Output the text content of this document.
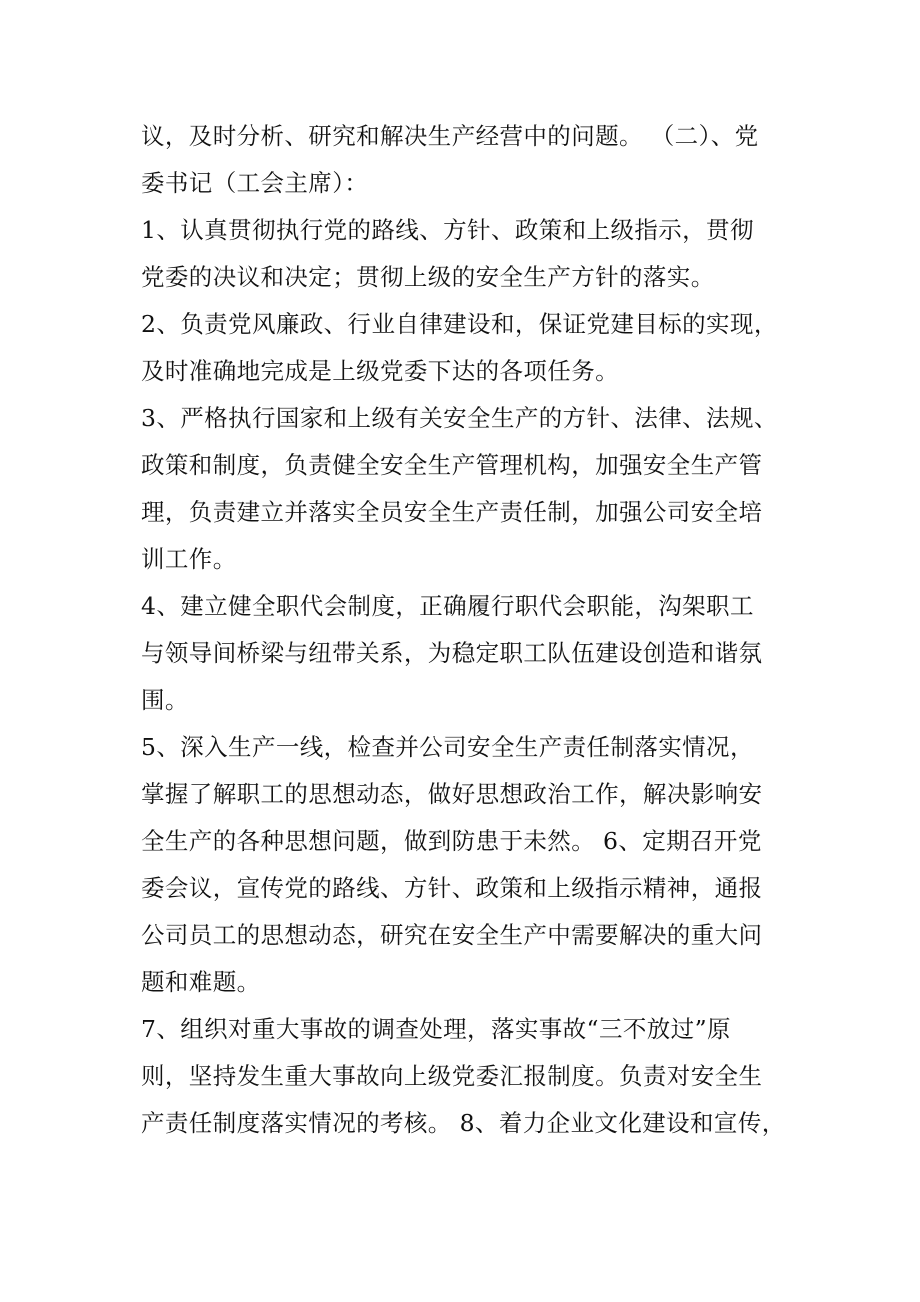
议，及时分析、研究和解决生产经营中的问题。 （二）、党
委书记（工会主席）：

1、认真贯彻执行党的路线、方针、政策和上级指示，贯彻
党委的决议和决定；贯彻上级的安全生产方针的落实。

2、负责党风廉政、行业自律建设和，保证党建目标的实现，
及时准确地完成是上级党委下达的各项任务。

3、严格执行国家和上级有关安全生产的方针、法律、法规、
政策和制度，负责健全安全生产管理机构，加强安全生产管
理，负责建立并落实全员安全生产责任制，加强公司安全培
训工作。

4、建立健全职代会制度，正确履行职代会职能，沟架职工
与领导间桥梁与纽带关系，为稳定职工队伍建设创造和谐氛
围。

5、深入生产一线，检查并公司安全生产责任制落实情况，
掌握了解职工的思想动态，做好思想政治工作，解决影响安
全生产的各种思想问题，做到防患于未然。 6、定期召开党
委会议，宣传党的路线、方针、政策和上级指示精神，通报
公司员工的思想动态，研究在安全生产中需要解决的重大问
题和难题。

7、组织对重大事故的调查处理，落实事故“三不放过”原
则，坚持发生重大事故向上级党委汇报制度。负责对安全生
产责任制度落实情况的考核。 8、着力企业文化建设和宣传，
